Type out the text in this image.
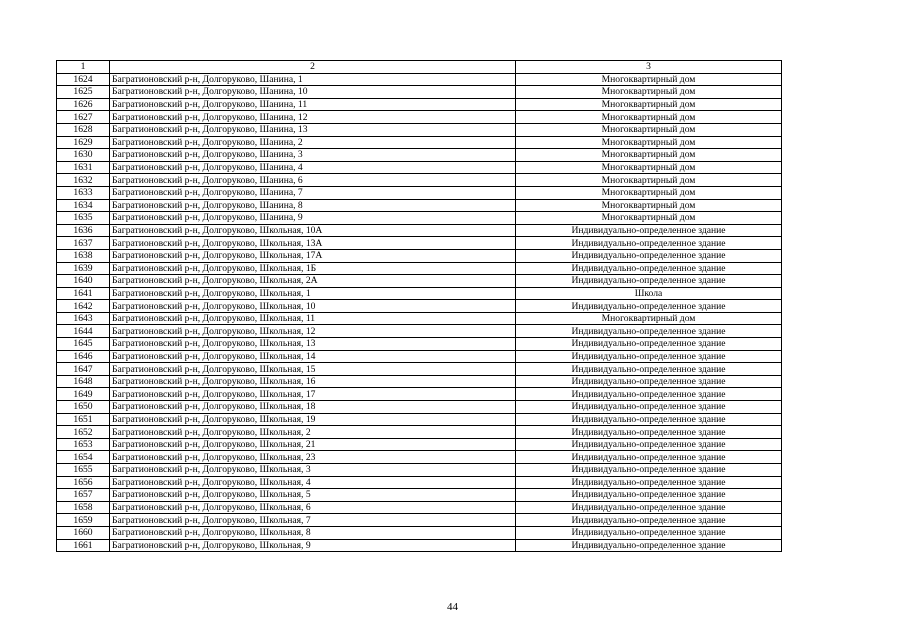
1	2	3
1624	Багратионовский р-н, Долгоруково, Шанина, 1	Многоквартирный дом
1625	Багратионовский р-н, Долгоруково, Шанина, 10	Многоквартирный дом
1626	Багратионовский р-н, Долгоруково, Шанина, 11	Многоквартирный дом
1627	Багратионовский р-н, Долгоруково, Шанина, 12	Многоквартирный дом
1628	Багратионовский р-н, Долгоруково, Шанина, 13	Многоквартирный дом
1629	Багратионовский р-н, Долгоруково, Шанина, 2	Многоквартирный дом
1630	Багратионовский р-н, Долгоруково, Шанина, 3	Многоквартирный дом
1631	Багратионовский р-н, Долгоруково, Шанина, 4	Многоквартирный дом
1632	Багратионовский р-н, Долгоруково, Шанина, 6	Многоквартирный дом
1633	Багратионовский р-н, Долгоруково, Шанина, 7	Многоквартирный дом
1634	Багратионовский р-н, Долгоруково, Шанина, 8	Многоквартирный дом
1635	Багратионовский р-н, Долгоруково, Шанина, 9	Многоквартирный дом
1636	Багратионовский р-н, Долгоруково, Школьная, 10А	Индивидуально-определенное здание
1637	Багратионовский р-н, Долгоруково, Школьная, 13А	Индивидуально-определенное здание
1638	Багратионовский р-н, Долгоруково, Школьная, 17А	Индивидуально-определенное здание
1639	Багратионовский р-н, Долгоруково, Школьная, 1Б	Индивидуально-определенное здание
1640	Багратионовский р-н, Долгоруково, Школьная, 2А	Индивидуально-определенное здание
1641	Багратионовский р-н, Долгоруково, Школьная, 1	Школа
1642	Багратионовский р-н, Долгоруково, Школьная, 10	Индивидуально-определенное здание
1643	Багратионовский р-н, Долгоруково, Школьная, 11	Многоквартирный дом
1644	Багратионовский р-н, Долгоруково, Школьная, 12	Индивидуально-определенное здание
1645	Багратионовский р-н, Долгоруково, Школьная, 13	Индивидуально-определенное здание
1646	Багратионовский р-н, Долгоруково, Школьная, 14	Индивидуально-определенное здание
1647	Багратионовский р-н, Долгоруково, Школьная, 15	Индивидуально-определенное здание
1648	Багратионовский р-н, Долгоруково, Школьная, 16	Индивидуально-определенное здание
1649	Багратионовский р-н, Долгоруково, Школьная, 17	Индивидуально-определенное здание
1650	Багратионовский р-н, Долгоруково, Школьная, 18	Индивидуально-определенное здание
1651	Багратионовский р-н, Долгоруково, Школьная, 19	Индивидуально-определенное здание
1652	Багратионовский р-н, Долгоруково, Школьная, 2	Индивидуально-определенное здание
1653	Багратионовский р-н, Долгоруково, Школьная, 21	Индивидуально-определенное здание
1654	Багратионовский р-н, Долгоруково, Школьная, 23	Индивидуально-определенное здание
1655	Багратионовский р-н, Долгоруково, Школьная, 3	Индивидуально-определенное здание
1656	Багратионовский р-н, Долгоруково, Школьная, 4	Индивидуально-определенное здание
1657	Багратионовский р-н, Долгоруково, Школьная, 5	Индивидуально-определенное здание
1658	Багратионовский р-н, Долгоруково, Школьная, 6	Индивидуально-определенное здание
1659	Багратионовский р-н, Долгоруково, Школьная, 7	Индивидуально-определенное здание
1660	Багратионовский р-н, Долгоруково, Школьная, 8	Индивидуально-определенное здание
1661	Багратионовский р-н, Долгоруково, Школьная, 9	Индивидуально-определенное здание
44
